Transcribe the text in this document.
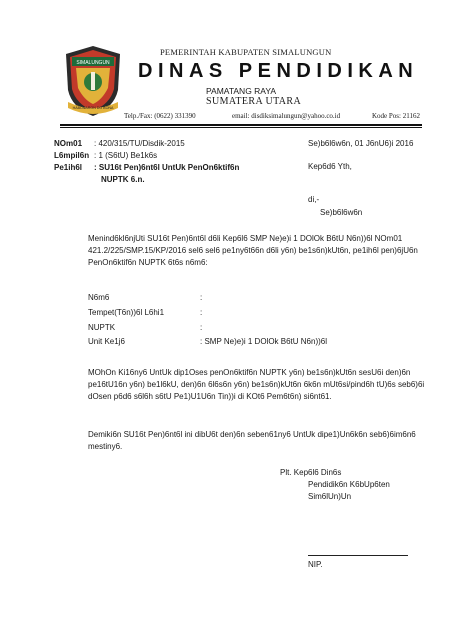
SIMALUNGUN
HABONARON DO BONA
PEMERINTAH KABUPATEN SIMALUNGUN
DINAS PENDIDIKAN
PAMATANG RAYA
SUMATERA UTARA
Telp./Fax: (0622) 331390	email: disdiksimalungun@yahoo.co.id	Kode Pos: 21162
NOm01 : 420/315/TU/Disdik-2015
L6mpil6n : 1 (S6tU) Be1k6s
Pe1ih6l : SU16t Pen)6nt6l UntUk PenOn6ktif6n
NUPTK 6.n.
Se)b6l6w6n, 01 J6nU6)i 2016
Kep6d6 Yth,
di,-
Se)b6l6w6n
Menind6kl6njUti SU16t Pen)6nt6l d6li Kep6l6 SMP Ne)e)i 1 DOlOk B6tU N6n))6l NOm01 421.2/225/SMP.15/KP/2016 sel6 sel6 pe1ny6t66n d6li y6n) be1s6n)kUt6n, pe1ih6l pen)6jU6n PenOn6ktif6n NUPTK 6t6s n6m6:
N6m6	:
Tempet(T6n))6l L6hi1	:
NUPTK	:
Unit Ke1j6	: SMP Ne)e)i 1 DOlOk B6tU N6n))6l
MOhOn Ki16ny6 UntUk dip1Oses penOn6ktif6n NUPTK y6n) be1s6n)kUt6n sesU6i den)6n pe16tU16n y6n) be1l6kU, den)6n 6l6s6n y6n) be1s6n)kUt6n 6k6n mUt6si/pind6h tU)6s seb6)6i dOsen p6d6 s6l6h s6tU Pe1)U1U6n Tin))i di KOt6 Pem6t6n) si6nt61.
Demiki6n SU16t Pen)6nt6l ini dibU6t den)6n seben61ny6 UntUk dipe1)Un6k6n seb6)6im6n6 mestiny6.
Plt. Kep6l6 Din6s
Pendidik6n K6bUp6ten
Sim6lUn)Un
NIP.
